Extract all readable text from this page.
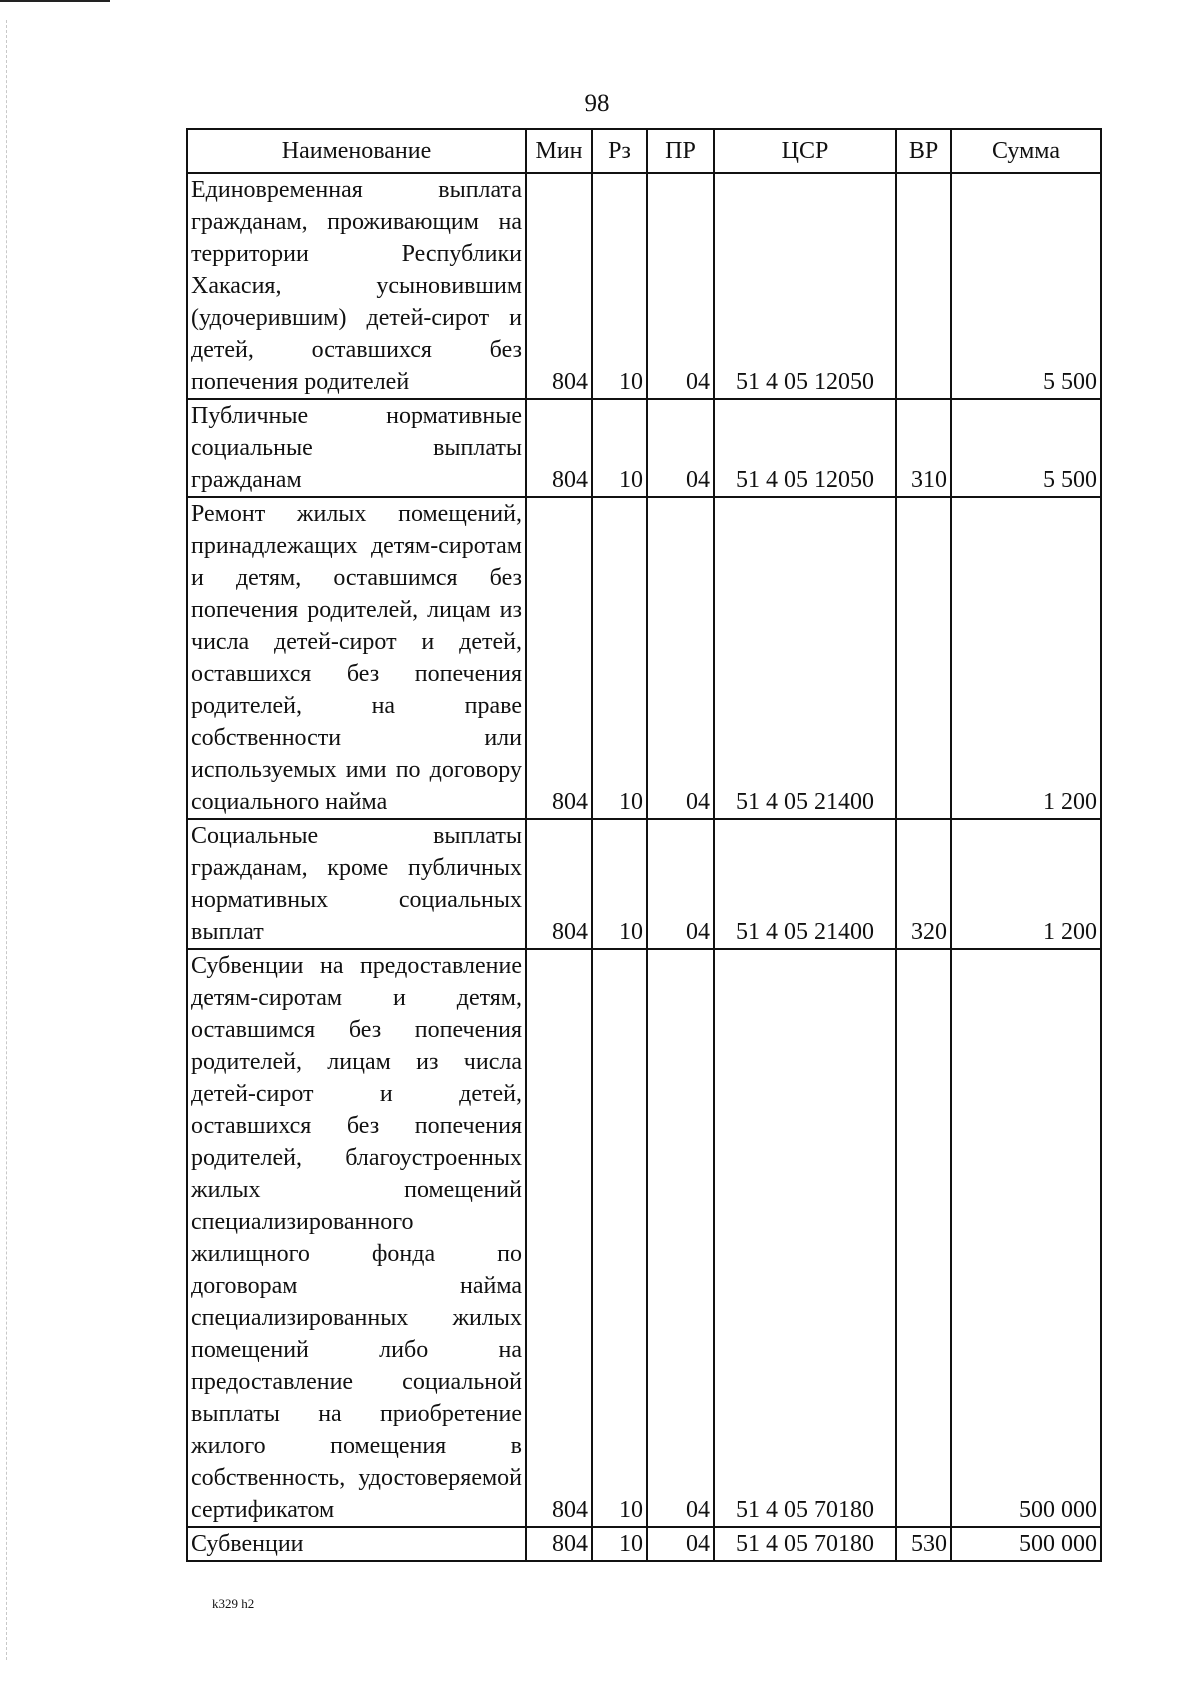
98
Наименование	Мин	Рз	ПР	ЦСР	ВР	Сумма
Единовременная выплата гражданам, проживающим на территории Республики Хакасия, усыновившим (удочерившим) детей-сирот и детей, оставшихся без попечения родителей	804	10	04	51 4 05 12050		5 500
Публичные нормативные социальные выплаты гражданам	804	10	04	51 4 05 12050	310	5 500
Ремонт жилых помещений, принадлежащих детям-сиротам и детям, оставшимся без попечения родителей, лицам из числа детей-сирот и детей, оставшихся без попечения родителей, на праве собственности или используемых ими по договору социального найма	804	10	04	51 4 05 21400		1 200
Социальные выплаты гражданам, кроме публичных нормативных социальных выплат	804	10	04	51 4 05 21400	320	1 200
Субвенции на предоставление детям-сиротам и детям, оставшимся без попечения родителей, лицам из числа детей-сирот и детей, оставшихся без попечения родителей, благоустроенных жилых помещений специализированного жилищного фонда по договорам найма специализированных жилых помещений либо на предоставление социальной выплаты на приобретение жилого помещения в собственность, удостоверяемой сертификатом	804	10	04	51 4 05 70180		500 000
Субвенции	804	10	04	51 4 05 70180	530	500 000
k329 h2
